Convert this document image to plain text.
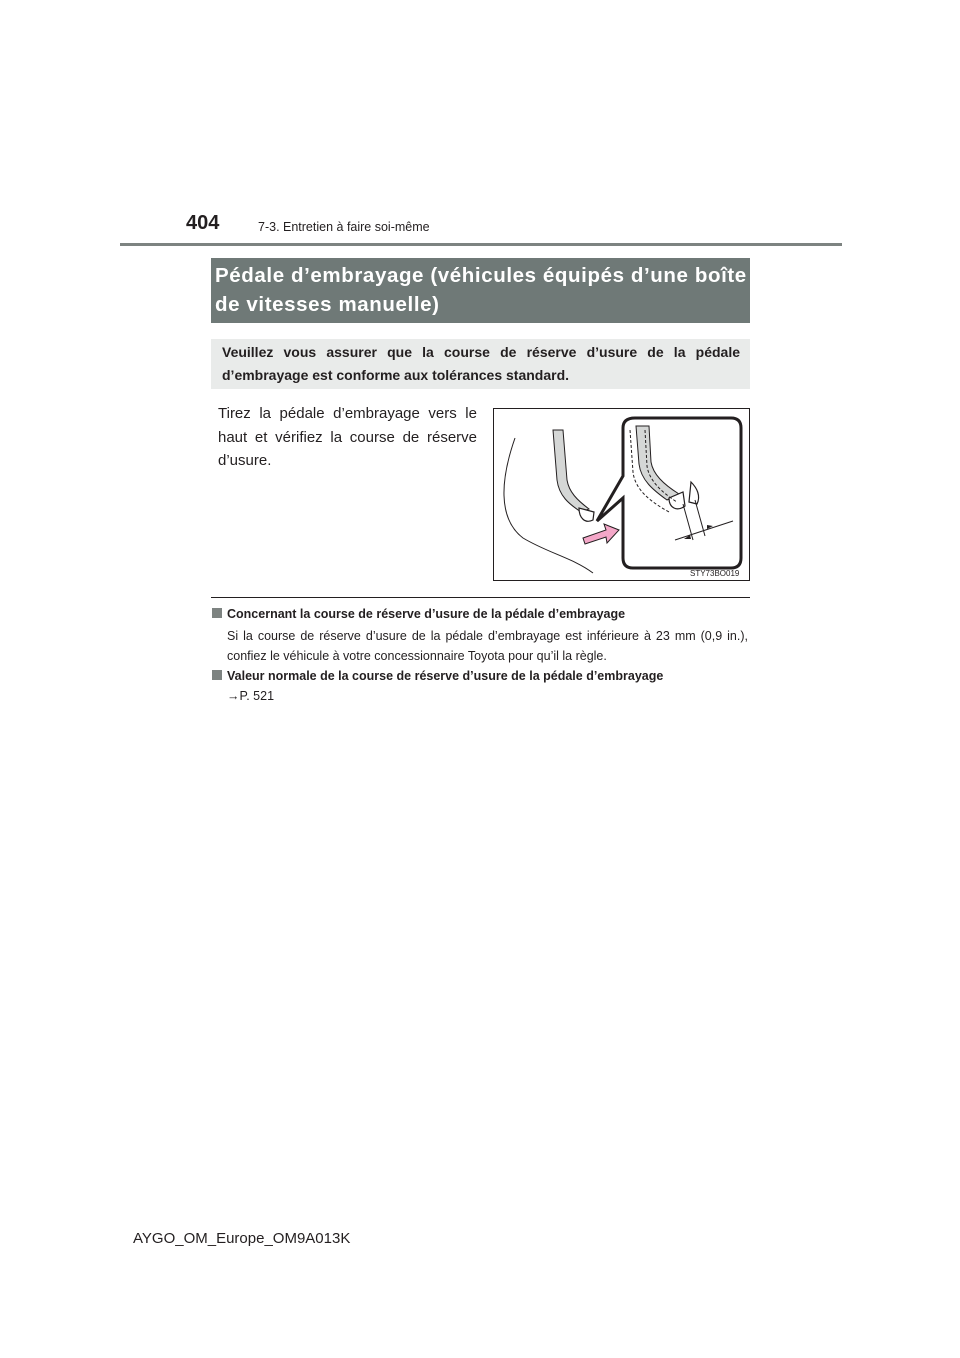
404	7-3. Entretien à faire soi-même
Pédale d’embrayage (véhicules équipés d’une boîte de vitesses manuelle)
Veuillez vous assurer que la course de réserve d’usure de la pédale d’embrayage est conforme aux tolérances standard.
Tirez la pédale d’embrayage vers le haut et vérifiez la course de réserve d’usure.
STY73BO019
Concernant la course de réserve d’usure de la pédale d’embrayage
Si la course de réserve d’usure de la pédale d’embrayage est inférieure à 23 mm (0,9 in.), confiez le véhicule à votre concessionnaire Toyota pour qu’il la règle.
Valeur normale de la course de réserve d’usure de la pédale d’embrayage
→P. 521
AYGO_OM_Europe_OM9A013K
